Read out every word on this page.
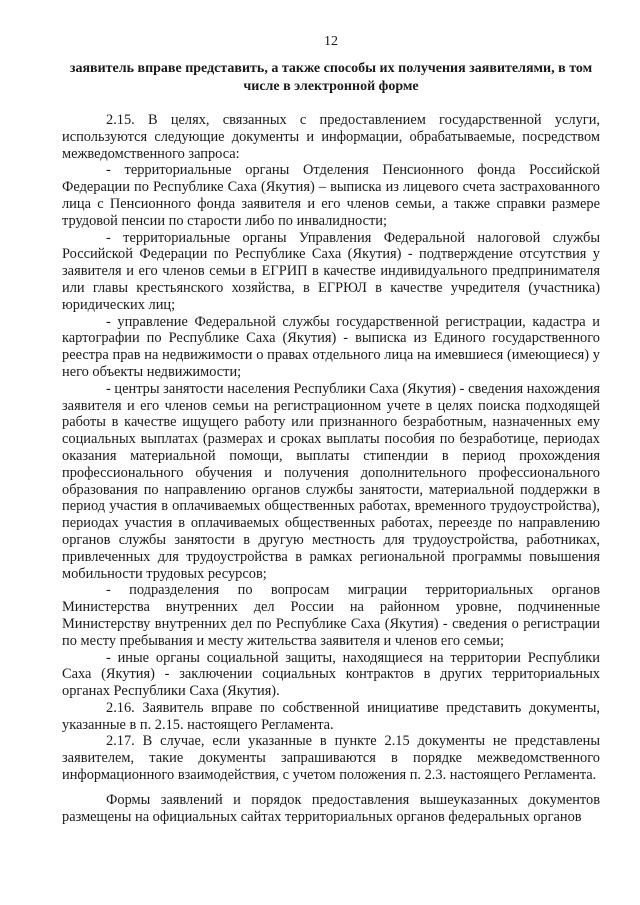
12
заявитель вправе представить, а также способы их получения заявителями, в том числе в электронной форме

2.15. В целях, связанных с предоставлением государственной услуги, используются следующие документы и информации, обрабатываемые, посредством межведомственного запроса:

- территориальные органы Отделения Пенсионного фонда Российской Федерации по Республике Саха (Якутия) – выписка из лицевого счета застрахованного лица с Пенсионного фонда заявителя и его членов семьи, а также справки размере трудовой пенсии по старости либо по инвалидности;

- территориальные органы Управления Федеральной налоговой службы Российской Федерации по Республике Саха (Якутия) - подтверждение отсутствия у заявителя и его членов семьи в ЕГРИП в качестве индивидуального предпринимателя или главы крестьянского хозяйства, в ЕГРЮЛ в качестве учредителя (участника) юридических лиц;

- управление Федеральной службы государственной регистрации, кадастра и картографии по Республике Саха (Якутия) - выписка из Единого государственного реестра прав на недвижимости о правах отдельного лица на имевшиеся (имеющиеся) у него объекты недвижимости;

- центры занятости населения Республики Саха (Якутия) - сведения нахождения заявителя и его членов семьи на регистрационном учете в целях поиска подходящей работы в качестве ищущего работу или признанного безработным, назначенных ему социальных выплатах (размерах и сроках выплаты пособия по безработице, периодах оказания материальной помощи, выплаты стипендии в период прохождения профессионального обучения и получения дополнительного профессионального образования по направлению органов службы занятости, материальной поддержки в период участия в оплачиваемых общественных работах, временного трудоустройства), периодах участия в оплачиваемых общественных работах, переезде по направлению органов службы занятости в другую местность для трудоустройства, работниках, привлеченных для трудоустройства в рамках региональной программы повышения мобильности трудовых ресурсов;

- подразделения по вопросам миграции территориальных органов Министерства внутренних дел России на районном уровне, подчиненные Министерству внутренних дел по Республике Саха (Якутия) - сведения о регистрации по месту пребывания и месту жительства заявителя и членов его семьи;

- иные органы социальной защиты, находящиеся на территории Республики Саха (Якутия) - заключении социальных контрактов в других территориальных органах Республики Саха (Якутия).

2.16. Заявитель вправе по собственной инициативе представить документы, указанные в п. 2.15. настоящего Регламента.

2.17. В случае, если указанные в пункте 2.15 документы не представлены заявителем, такие документы запрашиваются в порядке межведомственного информационного взаимодействия, с учетом положения п. 2.3. настоящего Регламента.

Формы заявлений и порядок предоставления вышеуказанных документов размещены на официальных сайтах территориальных органов федеральных органов
